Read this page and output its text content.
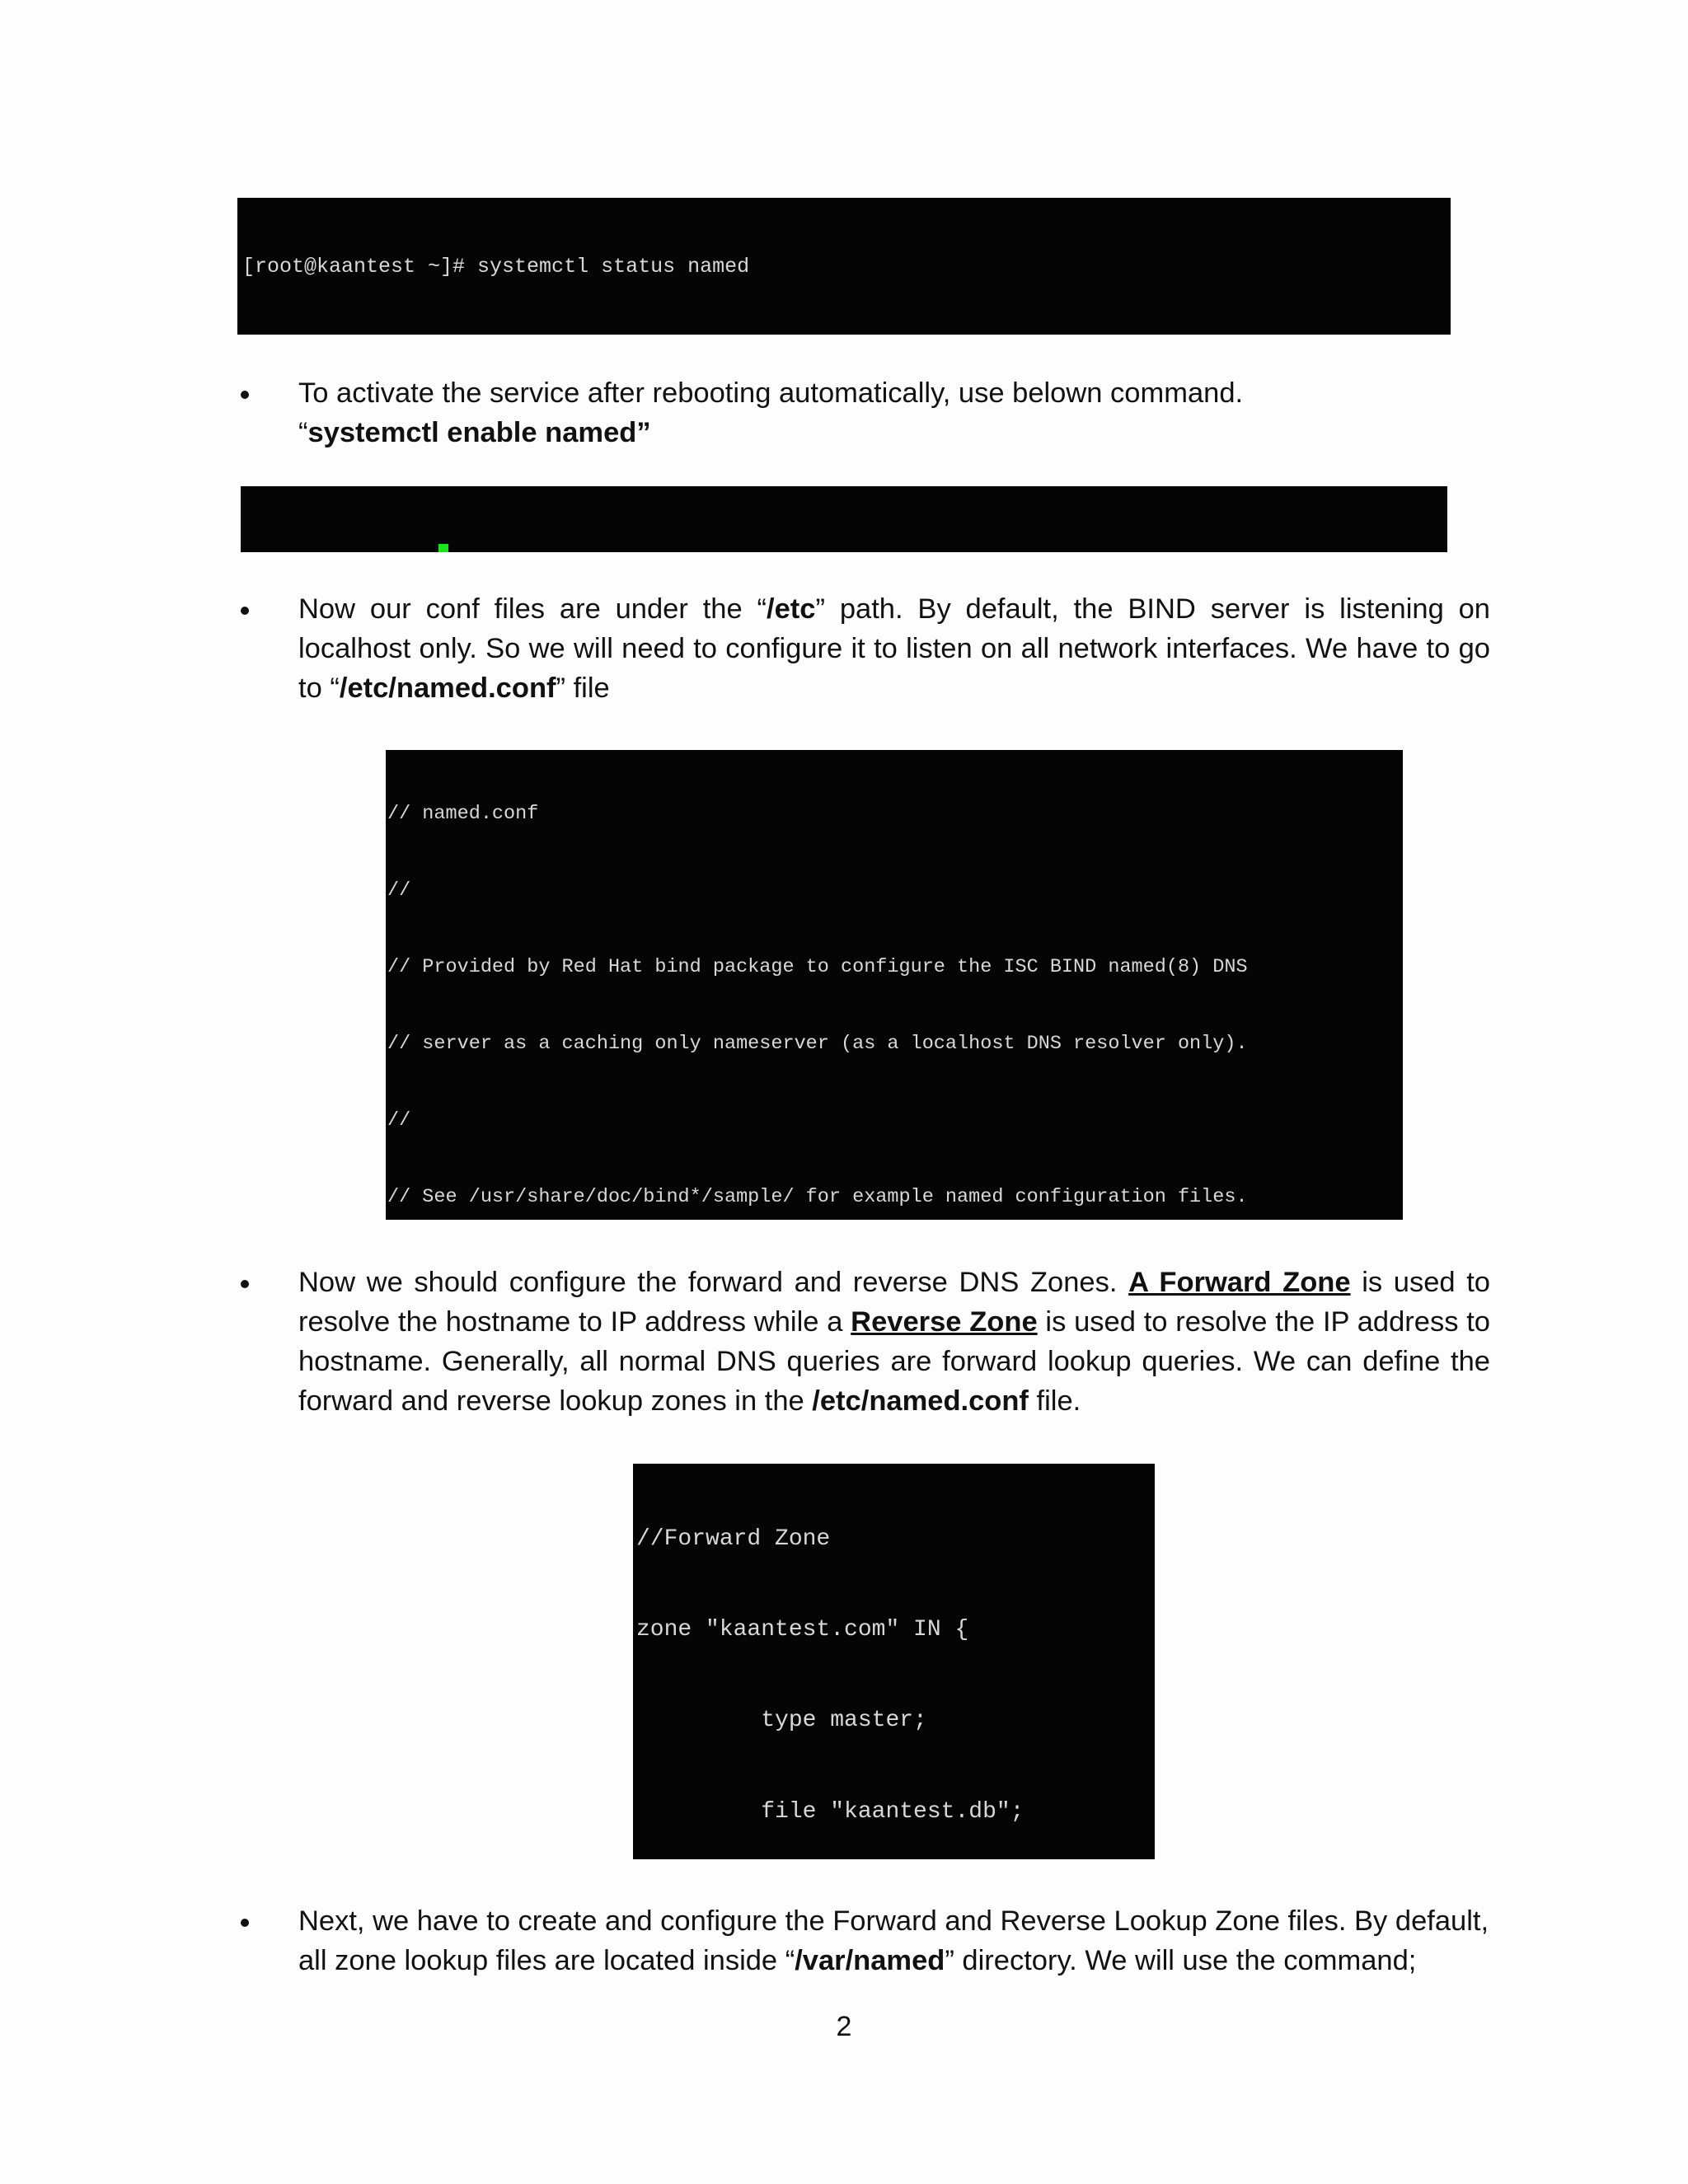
[root@kaantest ~]# systemctl status named

To activate the service after rebooting automatically, use belown command.
“systemctl enable named”

Now our conf files are under the “/etc” path. By default, the BIND server is listening on localhost only. So we will need to configure it to listen on all network interfaces. We have to go to “/etc/named.conf” file

// named.conf

//

// Provided by Red Hat bind package to configure the ISC BIND named(8) DNS

// server as a caching only nameserver (as a localhost DNS resolver only).

//

// See /usr/share/doc/bind*/sample/ for example named configuration files.

Now we should configure the forward and reverse DNS Zones. A Forward Zone is used to resolve the hostname to IP address while a Reverse Zone is used to resolve the IP address to hostname. Generally, all normal DNS queries are forward lookup queries. We can define the forward and reverse lookup zones in the /etc/named.conf file.

//Forward Zone

zone "kaantest.com" IN {

type master;

file "kaantest.db";

Next, we have to create and configure the Forward and Reverse Lookup Zone files. By default, all zone lookup files are located inside “/var/named” directory. We will use the command;

2
